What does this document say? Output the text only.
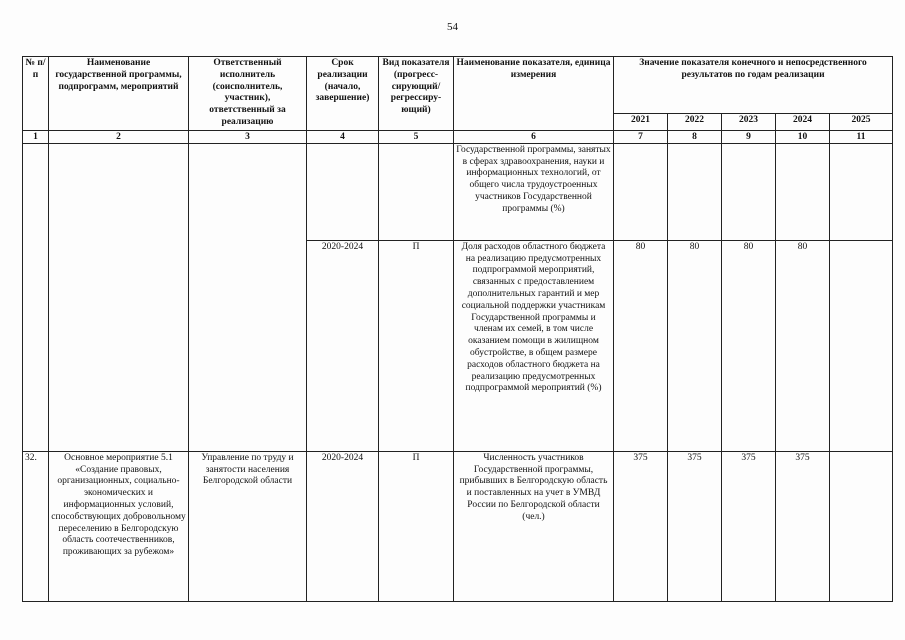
54
№ п/п	Наименование государственной программы, подпрограмм, мероприятий	Ответственный исполнитель (соисполнитель, участник), ответственный за реализацию	Срок реализации (начало, завершение)	Вид показателя (прогресс-сирующий/ регрессиру-ющий)	Наименование показателя, единица измерения	Значение показателя конечного и непосредственного результатов по годам реализации				
						2021	2022	2023	2024	2025
1	2	3	4	5	6	7	8	9	10	11
					Государственной программы, занятых в сферах здравоохранения, науки и информационных технологий, от общего числа трудоустроенных участников Государственной программы (%)					
			2020-2024	П	Доля расходов областного бюджета на реализацию предусмотренных подпрограммой мероприятий, связанных с предоставлением дополнительных гарантий и мер социальной поддержки участникам Государственной программы и членам их семей, в том числе оказанием помощи в жилищном обустройстве, в общем размере расходов областного бюджета на реализацию предусмотренных подпрограммой мероприятий (%)	80	80	80	80	
32.	Основное мероприятие 5.1 «Создание правовых, организационных, социально-экономических и информационных условий, способствующих добровольному переселению в Белгородскую область соотечественников, проживающих за рубежом»	Управление по труду и занятости населения Белгородской области	2020-2024	П	Численность участников Государственной программы, прибывших в Белгородскую область и поставленных на учет в УМВД России по Белгородской области (чел.)	375	375	375	375	
